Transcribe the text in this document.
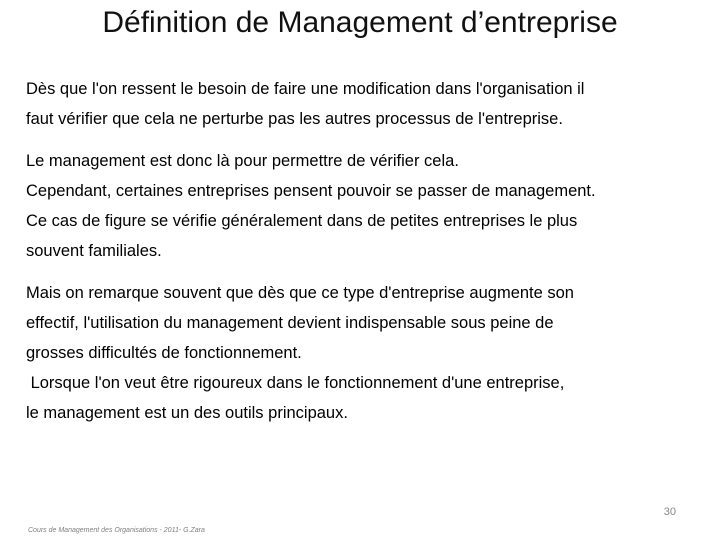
Définition de Management d’entreprise

Dès que l'on ressent le besoin de faire une modification dans l'organisation il
faut vérifier que cela ne perturbe pas les autres processus de l'entreprise.

Le management est donc là pour permettre de vérifier cela.
Cependant, certaines entreprises pensent pouvoir se passer de management.
Ce cas de figure se vérifie généralement dans de petites entreprises le plus
souvent familiales.

Mais on remarque souvent que dès que ce type d'entreprise augmente son
effectif, l'utilisation du management devient indispensable sous peine de
grosses difficultés de fonctionnement.
Lorsque l'on veut être rigoureux dans le fonctionnement d'une entreprise,
le management est un des outils principaux.

30
Cours de Management des Organisations - 2011- G.Zara
